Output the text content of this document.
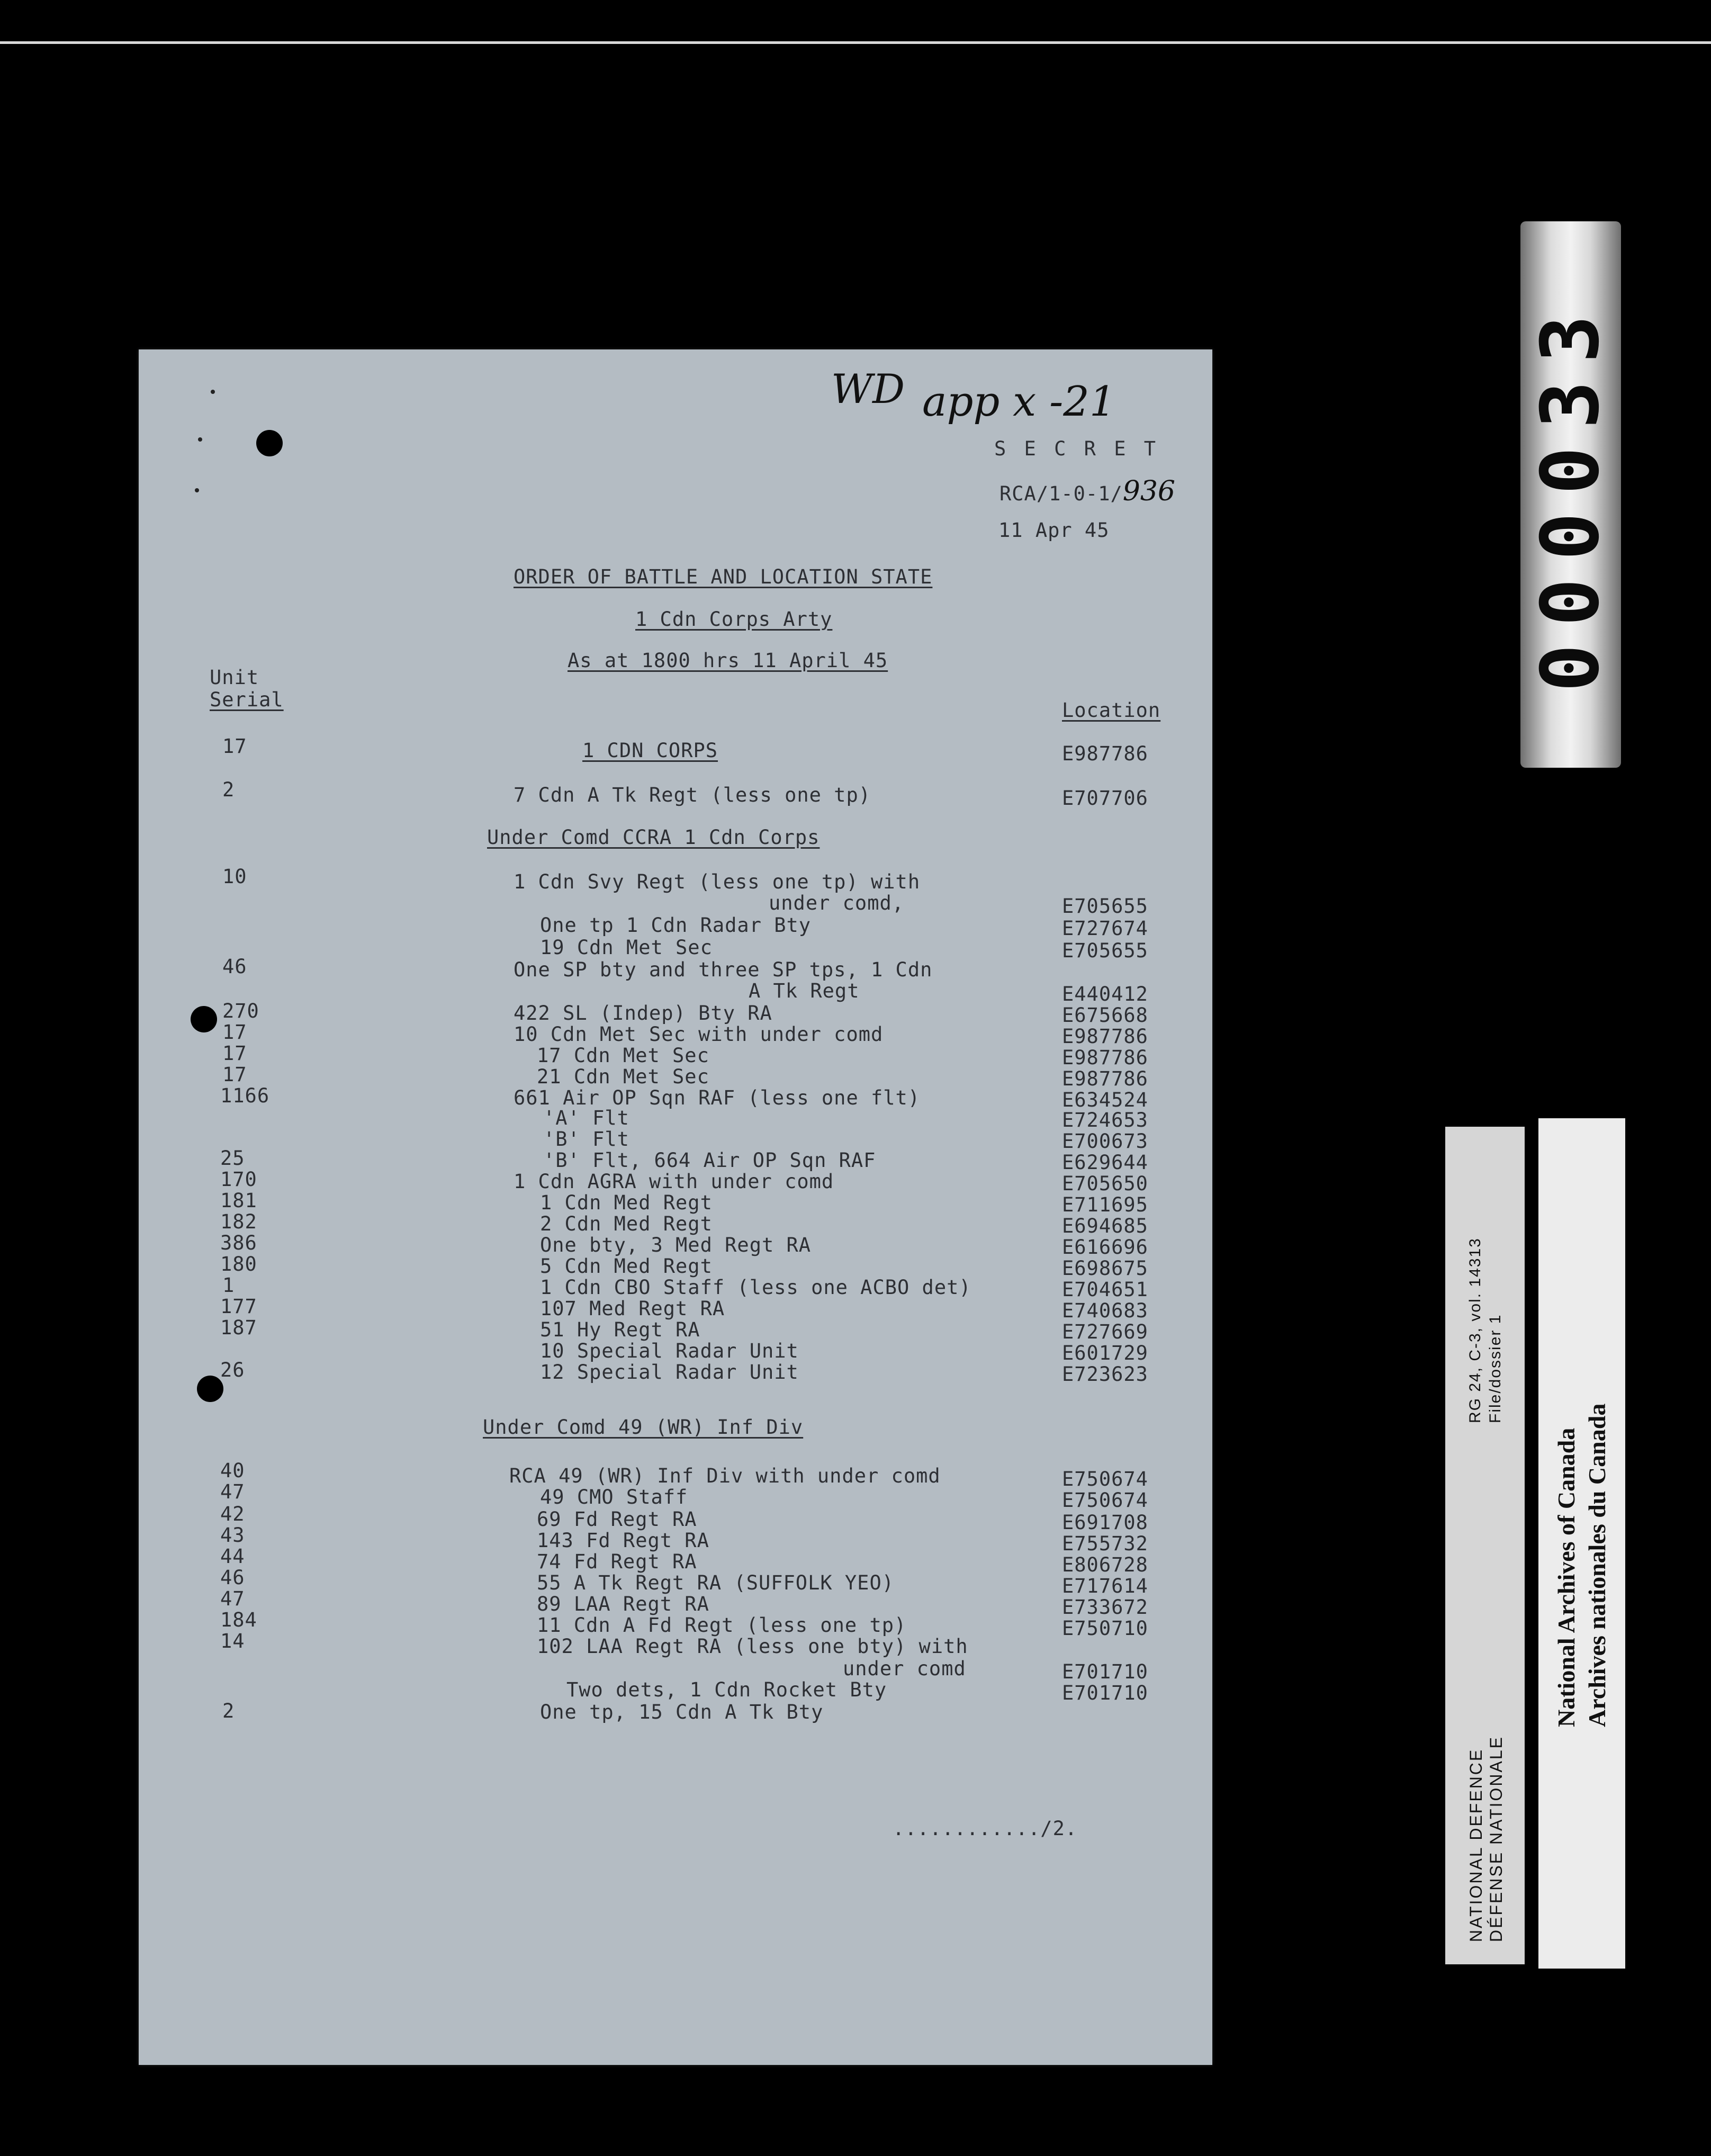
000033
NATIONAL DEFENCE DÉFENSE NATIONALE
RG 24, C-3, vol. 14313 File/dossier 1
National Archives of Canada Archives nationales du Canada
WD app x -21
S E C R E T
RCA/1-0-1/936
11 Apr 45
ORDER OF BATTLE AND LOCATION STATE
1 Cdn Corps Arty
As at 1800 hrs 11 April 45
Unit
Serial	Location
17	1 CDN CORPS	E987786
2	7 Cdn A Tk Regt (less one tp)	E707706
Under Comd CCRA 1 Cdn Corps
10	1 Cdn Svy Regt (less one tp) with
under comd,	E705655
One tp 1 Cdn Radar Bty	E727674
19 Cdn Met Sec	E705655
46	One SP bty and three SP tps, 1 Cdn
A Tk Regt	E440412
270	422 SL (Indep) Bty RA	E675668
17	10 Cdn Met Sec with under comd	E987786
17	17 Cdn Met Sec	E987786
17	21 Cdn Met Sec	E987786
1166	661 Air OP Sqn RAF (less one flt)	E634524
'A' Flt	E724653
'B' Flt	E700673
25	'B' Flt, 664 Air OP Sqn RAF	E629644
170	1 Cdn AGRA with under comd	E705650
181	1 Cdn Med Regt	E711695
182	2 Cdn Med Regt	E694685
386	One bty, 3 Med Regt RA	E616696
180	5 Cdn Med Regt	E698675
1	1 Cdn CBO Staff (less one ACBO det)	E704651
177	107 Med Regt RA	E740683
187	51 Hy Regt RA	E727669
10 Special Radar Unit	E601729
26	12 Special Radar Unit	E723623
Under Comd 49 (WR) Inf Div
40	RCA 49 (WR) Inf Div with under comd	E750674
47	49 CMO Staff	E750674
42	69 Fd Regt RA	E691708
43	143 Fd Regt RA	E755732
44	74 Fd Regt RA	E806728
46	55 A Tk Regt RA (SUFFOLK YEO)	E717614
47	89 LAA Regt RA	E733672
184	11 Cdn A Fd Regt (less one tp)	E750710
14	102 LAA Regt RA (less one bty) with
under comd	E701710
Two dets, 1 Cdn Rocket Bty	E701710
2	One tp, 15 Cdn A Tk Bty
............/2.
